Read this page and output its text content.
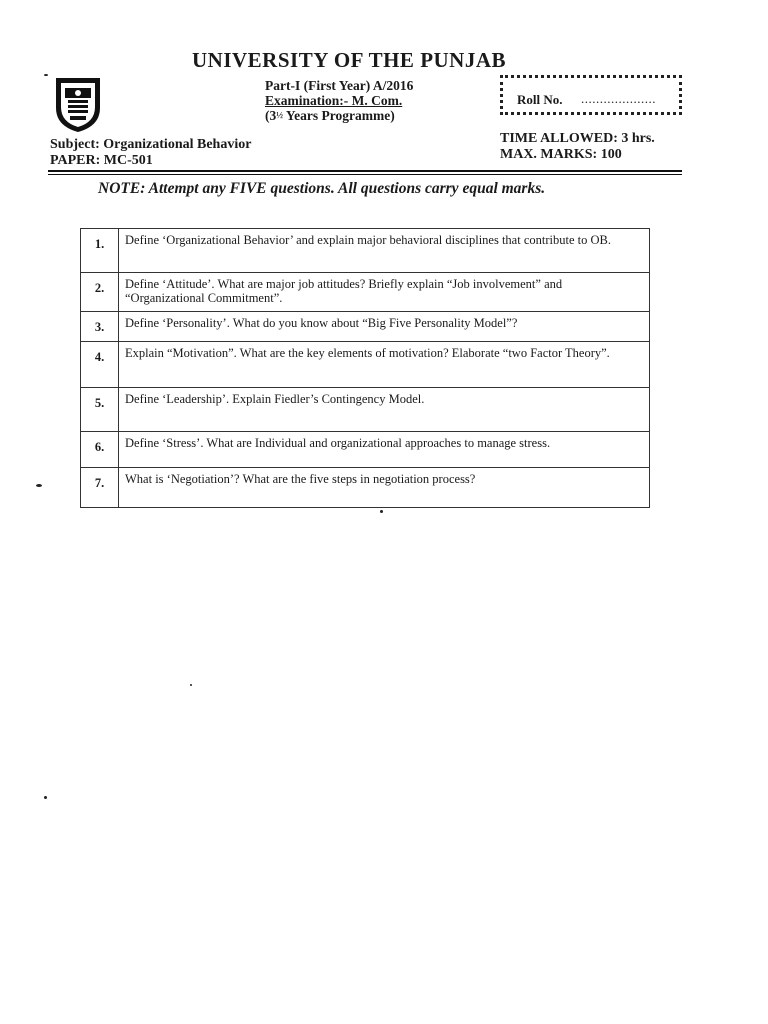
UNIVERSITY OF THE PUNJAB
Part-I (First Year) A/2016
Examination:- M. Com.
($3^{\frac{1}{2}}$ Years Programme)
Roll No. ....................
Subject: Organizational Behavior
PAPER: MC-501
TIME ALLOWED: 3 hrs.
MAX. MARKS: 100
NOTE: Attempt any FIVE questions. All questions carry equal marks.
1.	Define ‘Organizational Behavior’ and explain major behavioral disciplines that contribute to OB.
2.	Define ‘Attitude’. What are major job attitudes? Briefly explain “Job involvement” and “Organizational Commitment”.
3.	Define ‘Personality’. What do you know about “Big Five Personality Model”?
4.	Explain “Motivation”. What are the key elements of motivation? Elaborate “two Factor Theory”.
5.	Define ‘Leadership’. Explain Fiedler’s Contingency Model.
6.	Define ‘Stress’. What are Individual and organizational approaches to manage stress.
7.	What is ‘Negotiation’? What are the five steps in negotiation process?
